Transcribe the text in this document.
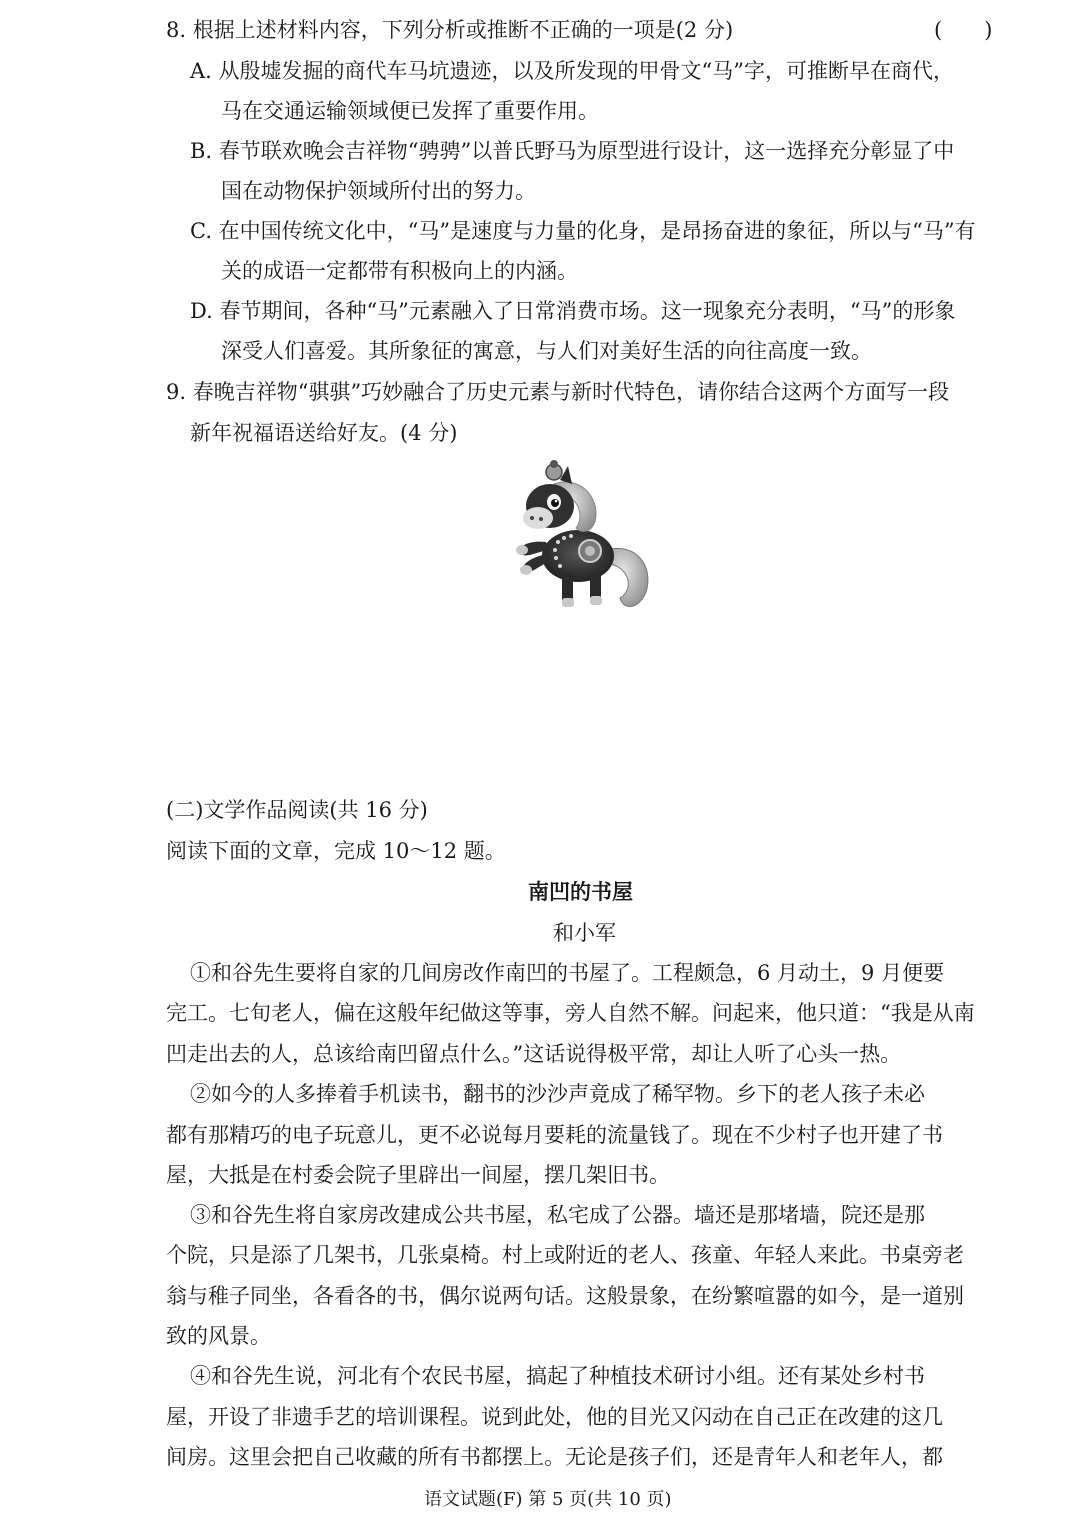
8. 根据上述材料内容，下列分析或推断不正确的一项是(2 分)	(　　)
A. 从殷墟发掘的商代车马坑遗迹，以及所发现的甲骨文“马”字，可推断早在商代，
马在交通运输领域便已发挥了重要作用。
B. 春节联欢晚会吉祥物“骋骋”以普氏野马为原型进行设计，这一选择充分彰显了中
国在动物保护领域所付出的努力。
C. 在中国传统文化中，“马”是速度与力量的化身，是昂扬奋进的象征，所以与“马”有
关的成语一定都带有积极向上的内涵。
D. 春节期间，各种“马”元素融入了日常消费市场。这一现象充分表明，“马”的形象
深受人们喜爱。其所象征的寓意，与人们对美好生活的向往高度一致。
9. 春晚吉祥物“骐骐”巧妙融合了历史元素与新时代特色，请你结合这两个方面写一段
新年祝福语送给好友。(4 分)
(二)文学作品阅读(共 16 分)
阅读下面的文章，完成 10～12 题。
南凹的书屋
和小军
①和谷先生要将自家的几间房改作南凹的书屋了。工程颇急，6 月动土，9 月便要
完工。七旬老人，偏在这般年纪做这等事，旁人自然不解。问起来，他只道：“我是从南
凹走出去的人，总该给南凹留点什么。”这话说得极平常，却让人听了心头一热。
②如今的人多捧着手机读书，翻书的沙沙声竟成了稀罕物。乡下的老人孩子未必
都有那精巧的电子玩意儿，更不必说每月要耗的流量钱了。现在不少村子也开建了书
屋，大抵是在村委会院子里辟出一间屋，摆几架旧书。
③和谷先生将自家房改建成公共书屋，私宅成了公器。墙还是那堵墙，院还是那
个院，只是添了几架书，几张桌椅。村上或附近的老人、孩童、年轻人来此。书桌旁老
翁与稚子同坐，各看各的书，偶尔说两句话。这般景象，在纷繁喧嚣的如今，是一道别
致的风景。
④和谷先生说，河北有个农民书屋，搞起了种植技术研讨小组。还有某处乡村书
屋，开设了非遗手艺的培训课程。说到此处，他的目光又闪动在自己正在改建的这几
间房。这里会把自己收藏的所有书都摆上。无论是孩子们，还是青年人和老年人，都
语文试题(F) 第 5 页(共 10 页)
